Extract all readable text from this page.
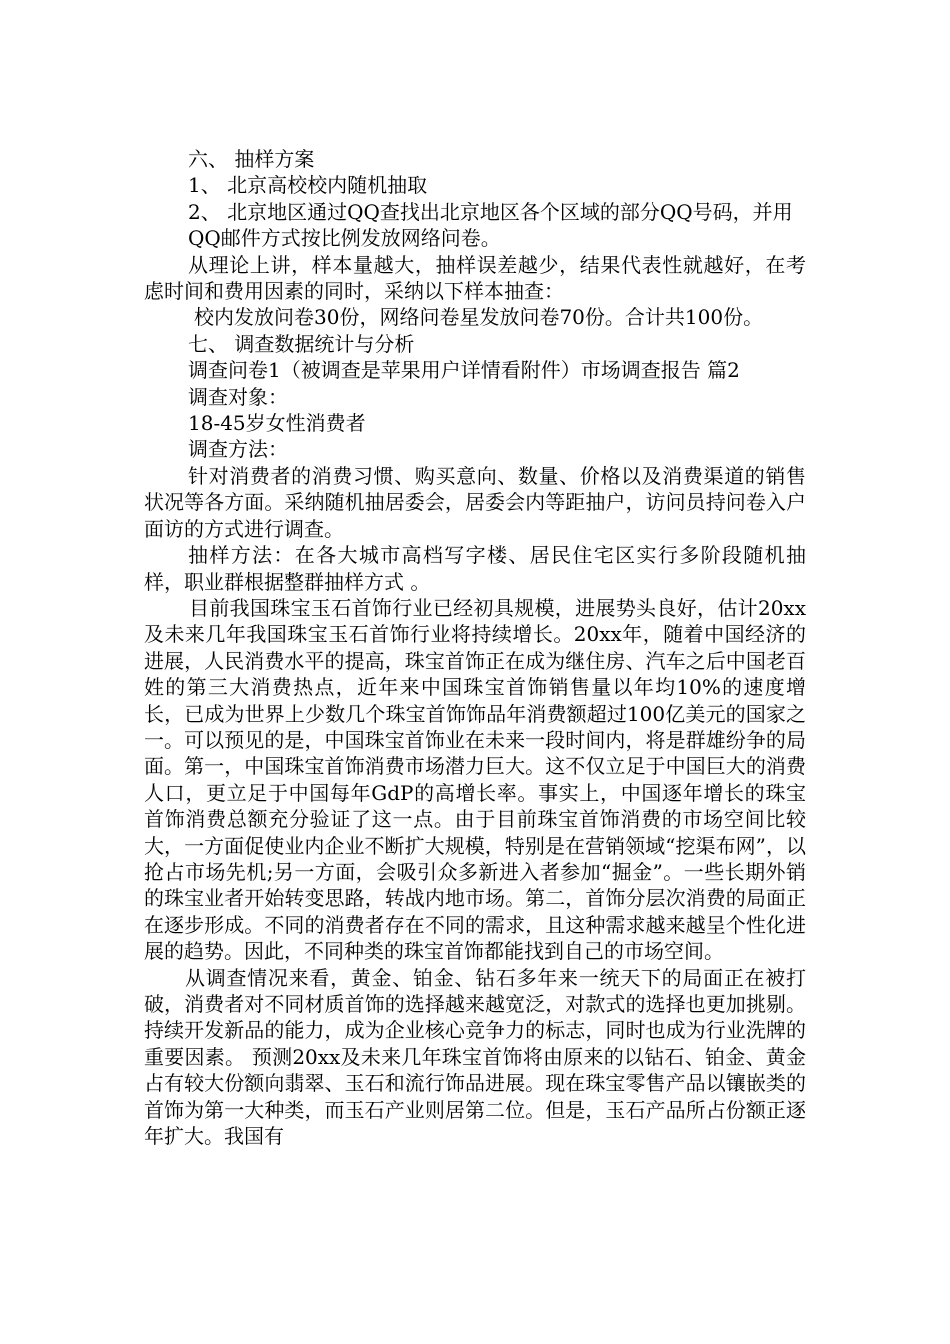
六、 抽样方案

1、 北京高校校内随机抽取

2、 北京地区通过QQ查找出北京地区各个区域的部分QQ号码，并用

QQ邮件方式按比例发放网络问卷。

从理论上讲，样本量越大，抽样误差越少，结果代表性就越好，在考虑时间和费用因素的同时，采纳以下样本抽查：

校内发放问卷30份，网络问卷星发放问卷70份。合计共100份。

七、 调查数据统计与分析

调查问卷1（被调查是苹果用户详情看附件）市场调查报告 篇2

调查对象：

18-45岁女性消费者

调查方法：

针对消费者的消费习惯、购买意向、数量、价格以及消费渠道的销售状况等各方面。采纳随机抽居委会，居委会内等距抽户，访问员持问卷入户面访的方式进行调查。

抽样方法：在各大城市高档写字楼、居民住宅区实行多阶段随机抽样，职业群根据整群抽样方式 。

目前我国珠宝玉石首饰行业已经初具规模，进展势头良好，估计20xx及未来几年我国珠宝玉石首饰行业将持续增长。20xx年，随着中国经济的进展，人民消费水平的提高，珠宝首饰正在成为继住房、汽车之后中国老百姓的第三大消费热点，近年来中国珠宝首饰销售量以年均10%的速度增长，已成为世界上少数几个珠宝首饰饰品年消费额超过100亿美元的国家之一。可以预见的是，中国珠宝首饰业在未来一段时间内，将是群雄纷争的局面。第一，中国珠宝首饰消费市场潜力巨大。这不仅立足于中国巨大的消费人口，更立足于中国每年GdP的高增长率。事实上，中国逐年增长的珠宝首饰消费总额充分验证了这一点。由于目前珠宝首饰消费的市场空间比较大，一方面促使业内企业不断扩大规模，特别是在营销领域“挖渠布网”，以抢占市场先机;另一方面，会吸引众多新进入者参加“掘金”。一些长期外销的珠宝业者开始转变思路，转战内地市场。第二，首饰分层次消费的局面正在逐步形成。不同的消费者存在不同的需求，且这种需求越来越呈个性化进展的趋势。因此，不同种类的珠宝首饰都能找到自己的市场空间。

从调查情况来看，黄金、铂金、钻石多年来一统天下的局面正在被打破，消费者对不同材质首饰的选择越来越宽泛，对款式的选择也更加挑剔。持续开发新品的能力，成为企业核心竞争力的标志，同时也成为行业洗牌的重要因素。 预测20xx及未来几年珠宝首饰将由原来的以钻石、铂金、黄金占有较大份额向翡翠、玉石和流行饰品进展。现在珠宝零售产品以镶嵌类的首饰为第一大种类，而玉石产业则居第二位。但是，玉石产品所占份额正逐年扩大。我国有
